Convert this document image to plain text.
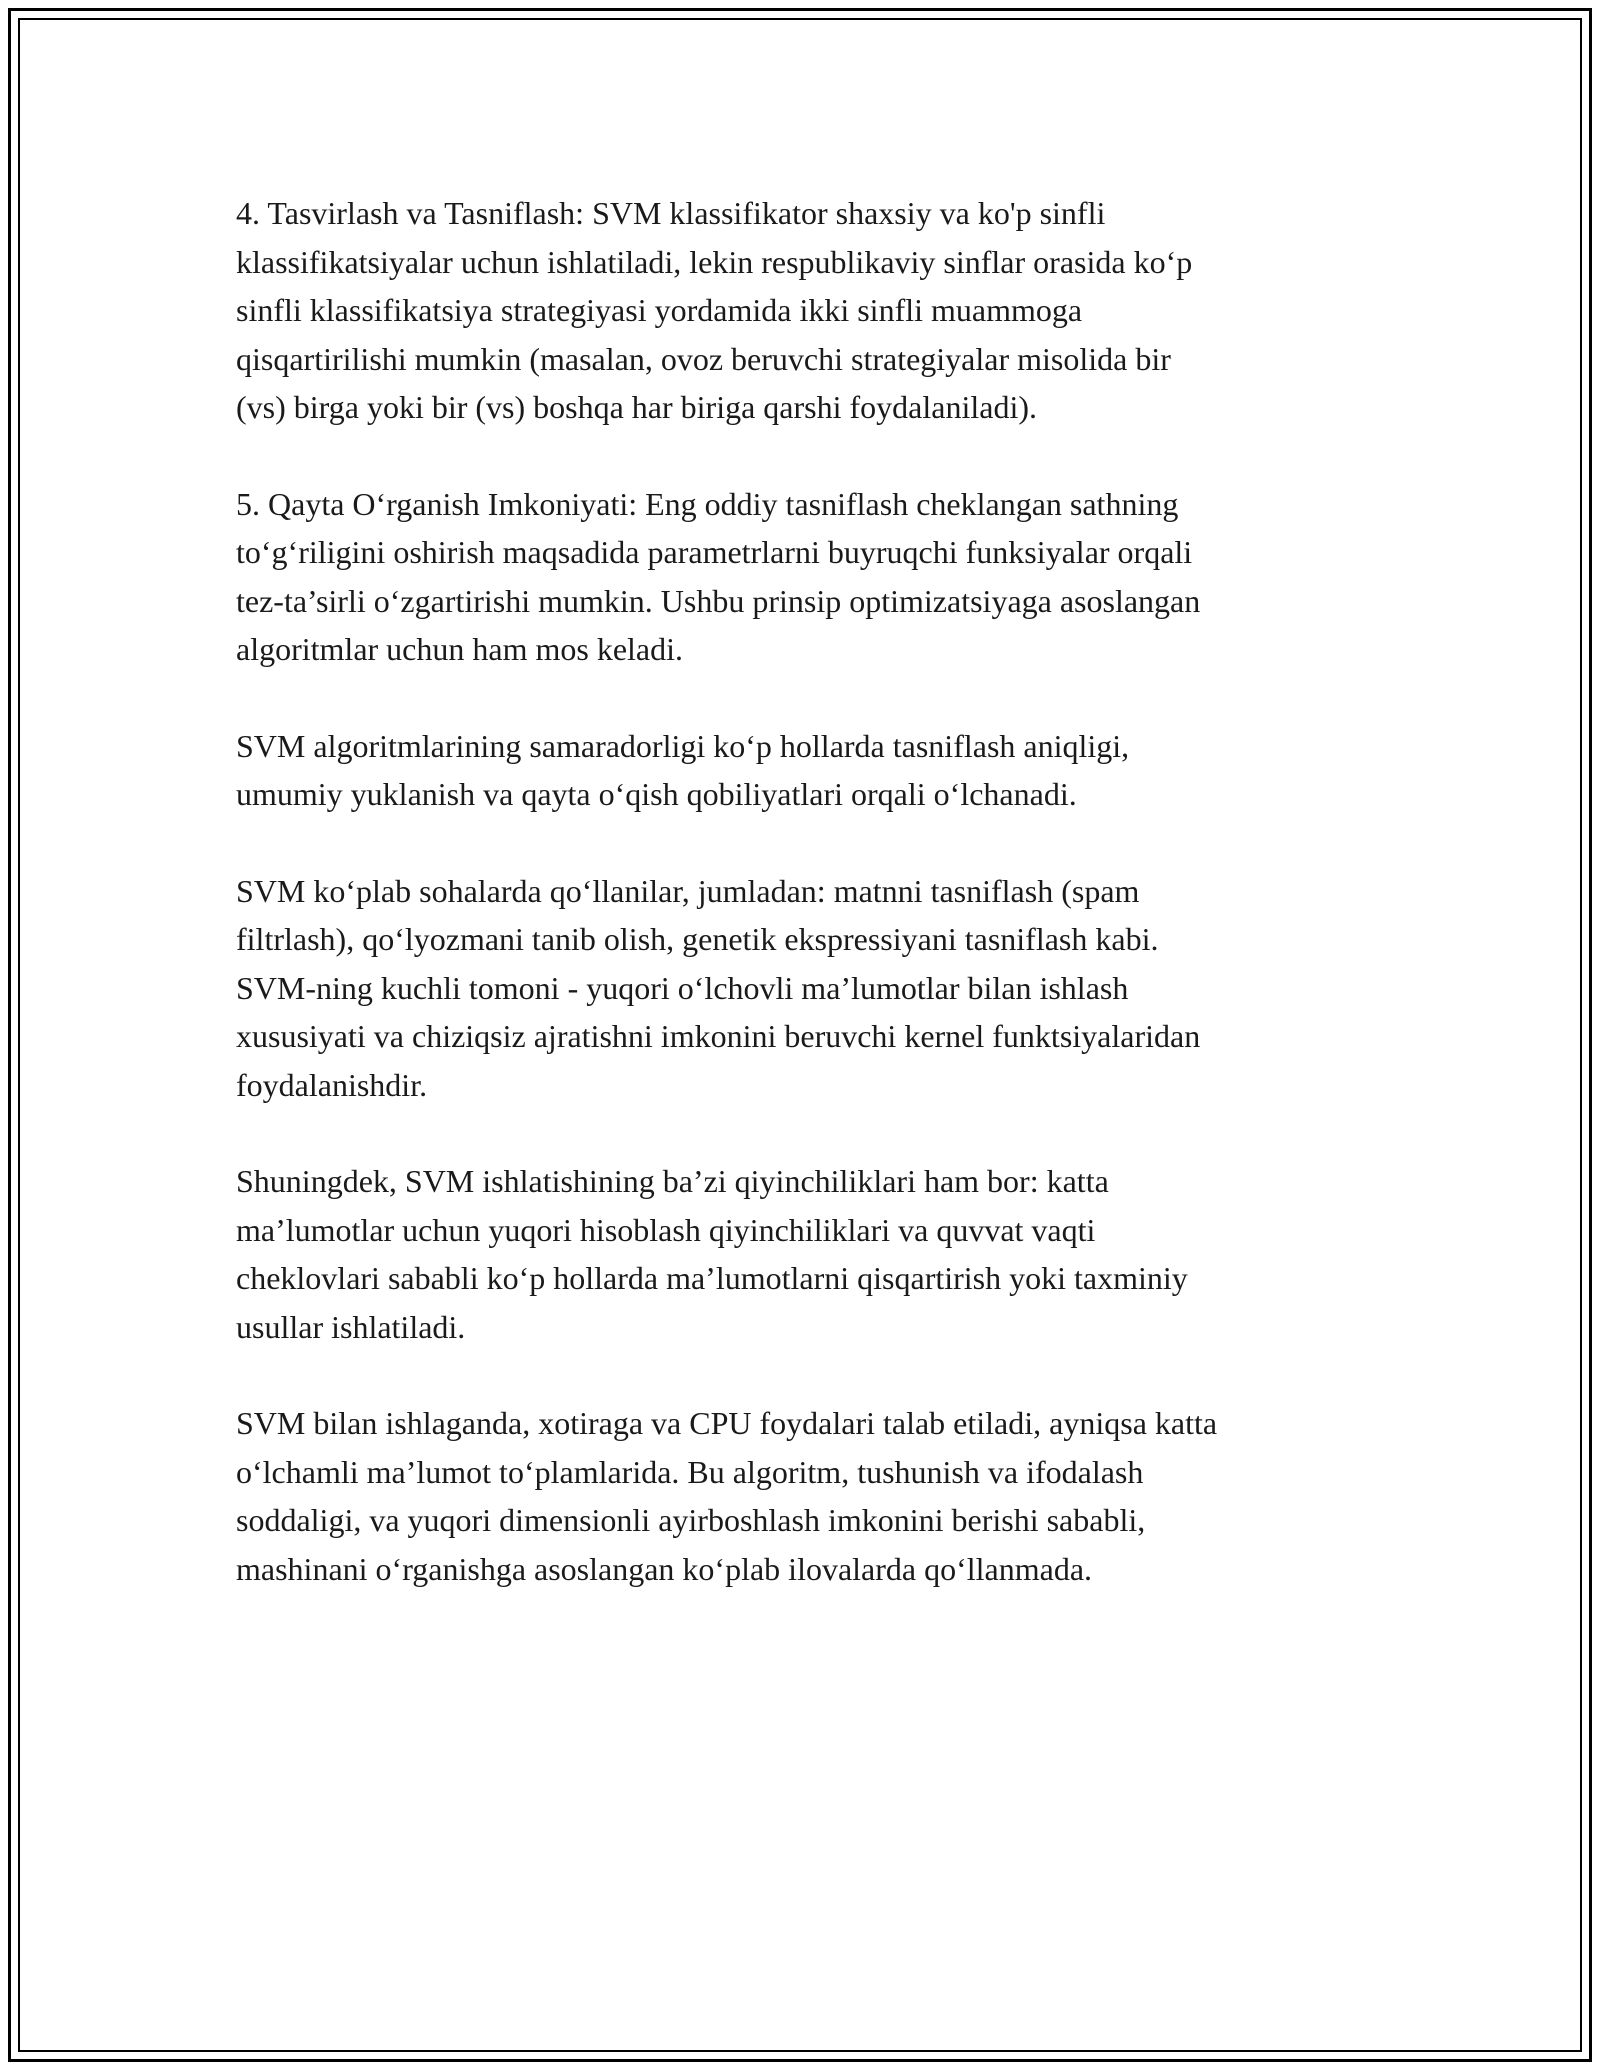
4. Tasvirlash va Tasniflash: SVM klassifikator shaxsiy va ko'p sinfli
klassifikatsiyalar uchun ishlatiladi, lekin respublikaviy sinflar orasida ko‘p
sinfli klassifikatsiya strategiyasi yordamida ikki sinfli muammoga
qisqartirilishi mumkin (masalan, ovoz beruvchi strategiyalar misolida bir
(vs) birga yoki bir (vs) boshqa har biriga qarshi foydalaniladi).

5. Qayta O‘rganish Imkoniyati: Eng oddiy tasniflash cheklangan sathning
to‘g‘riligini oshirish maqsadida parametrlarni buyruqchi funksiyalar orqali
tez-ta’sirli o‘zgartirishi mumkin. Ushbu prinsip optimizatsiyaga asoslangan
algoritmlar uchun ham mos keladi.

SVM algoritmlarining samaradorligi ko‘p hollarda tasniflash aniqligi,
umumiy yuklanish va qayta o‘qish qobiliyatlari orqali o‘lchanadi.

SVM ko‘plab sohalarda qo‘llanilar, jumladan: matnni tasniflash (spam
filtrlash), qo‘lyozmani tanib olish, genetik ekspressiyani tasniflash kabi.
SVM-ning kuchli tomoni - yuqori o‘lchovli ma’lumotlar bilan ishlash
xususiyati va chiziqsiz ajratishni imkonini beruvchi kernel funktsiyalaridan
foydalanishdir.

Shuningdek, SVM ishlatishining ba’zi qiyinchiliklari ham bor: katta
ma’lumotlar uchun yuqori hisoblash qiyinchiliklari va quvvat vaqti
cheklovlari sababli ko‘p hollarda ma’lumotlarni qisqartirish yoki taxminiy
usullar ishlatiladi.

SVM bilan ishlaganda, xotiraga va CPU foydalari talab etiladi, ayniqsa katta
o‘lchamli ma’lumot to‘plamlarida. Bu algoritm, tushunish va ifodalash
soddaligi, va yuqori dimensionli ayirboshlash imkonini berishi sababli,
mashinani o‘rganishga asoslangan ko‘plab ilovalarda qo‘llanmada.
